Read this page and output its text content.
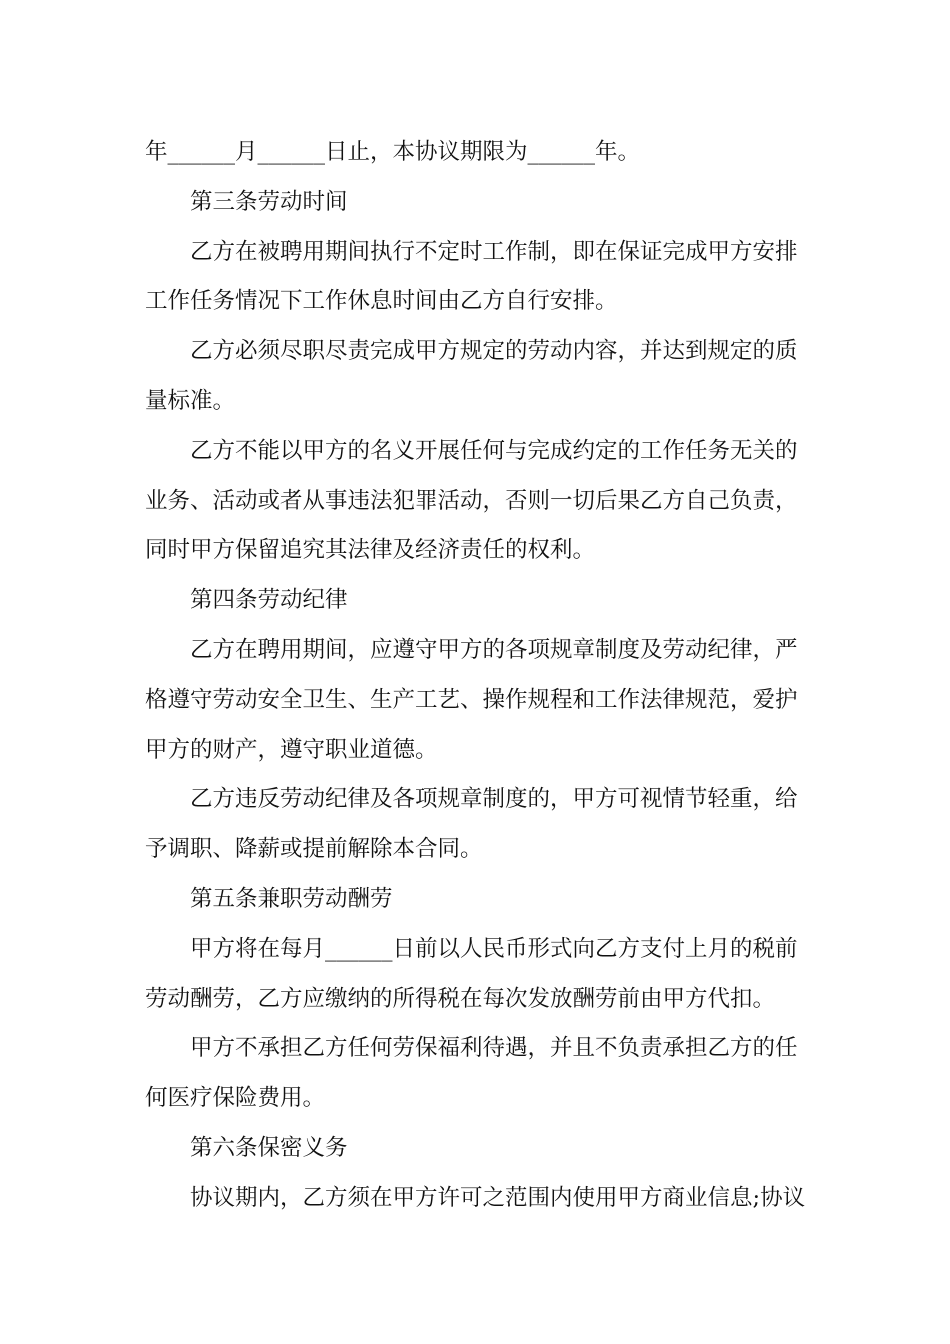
年______月______日止，本协议期限为______年。

第三条劳动时间

乙方在被聘用期间执行不定时工作制，即在保证完成甲方安排工作任务情况下工作休息时间由乙方自行安排。

乙方必须尽职尽责完成甲方规定的劳动内容，并达到规定的质量标准。

乙方不能以甲方的名义开展任何与完成约定的工作任务无关的业务、活动或者从事违法犯罪活动，否则一切后果乙方自己负责，同时甲方保留追究其法律及经济责任的权利。

第四条劳动纪律

乙方在聘用期间，应遵守甲方的各项规章制度及劳动纪律，严格遵守劳动安全卫生、生产工艺、操作规程和工作法律规范，爱护甲方的财产，遵守职业道德。

乙方违反劳动纪律及各项规章制度的，甲方可视情节轻重，给予调职、降薪或提前解除本合同。

第五条兼职劳动酬劳

甲方将在每月______日前以人民币形式向乙方支付上月的税前劳动酬劳，乙方应缴纳的所得税在每次发放酬劳前由甲方代扣。

甲方不承担乙方任何劳保福利待遇，并且不负责承担乙方的任何医疗保险费用。

第六条保密义务

协议期内，乙方须在甲方许可之范围内使用甲方商业信息;协议
